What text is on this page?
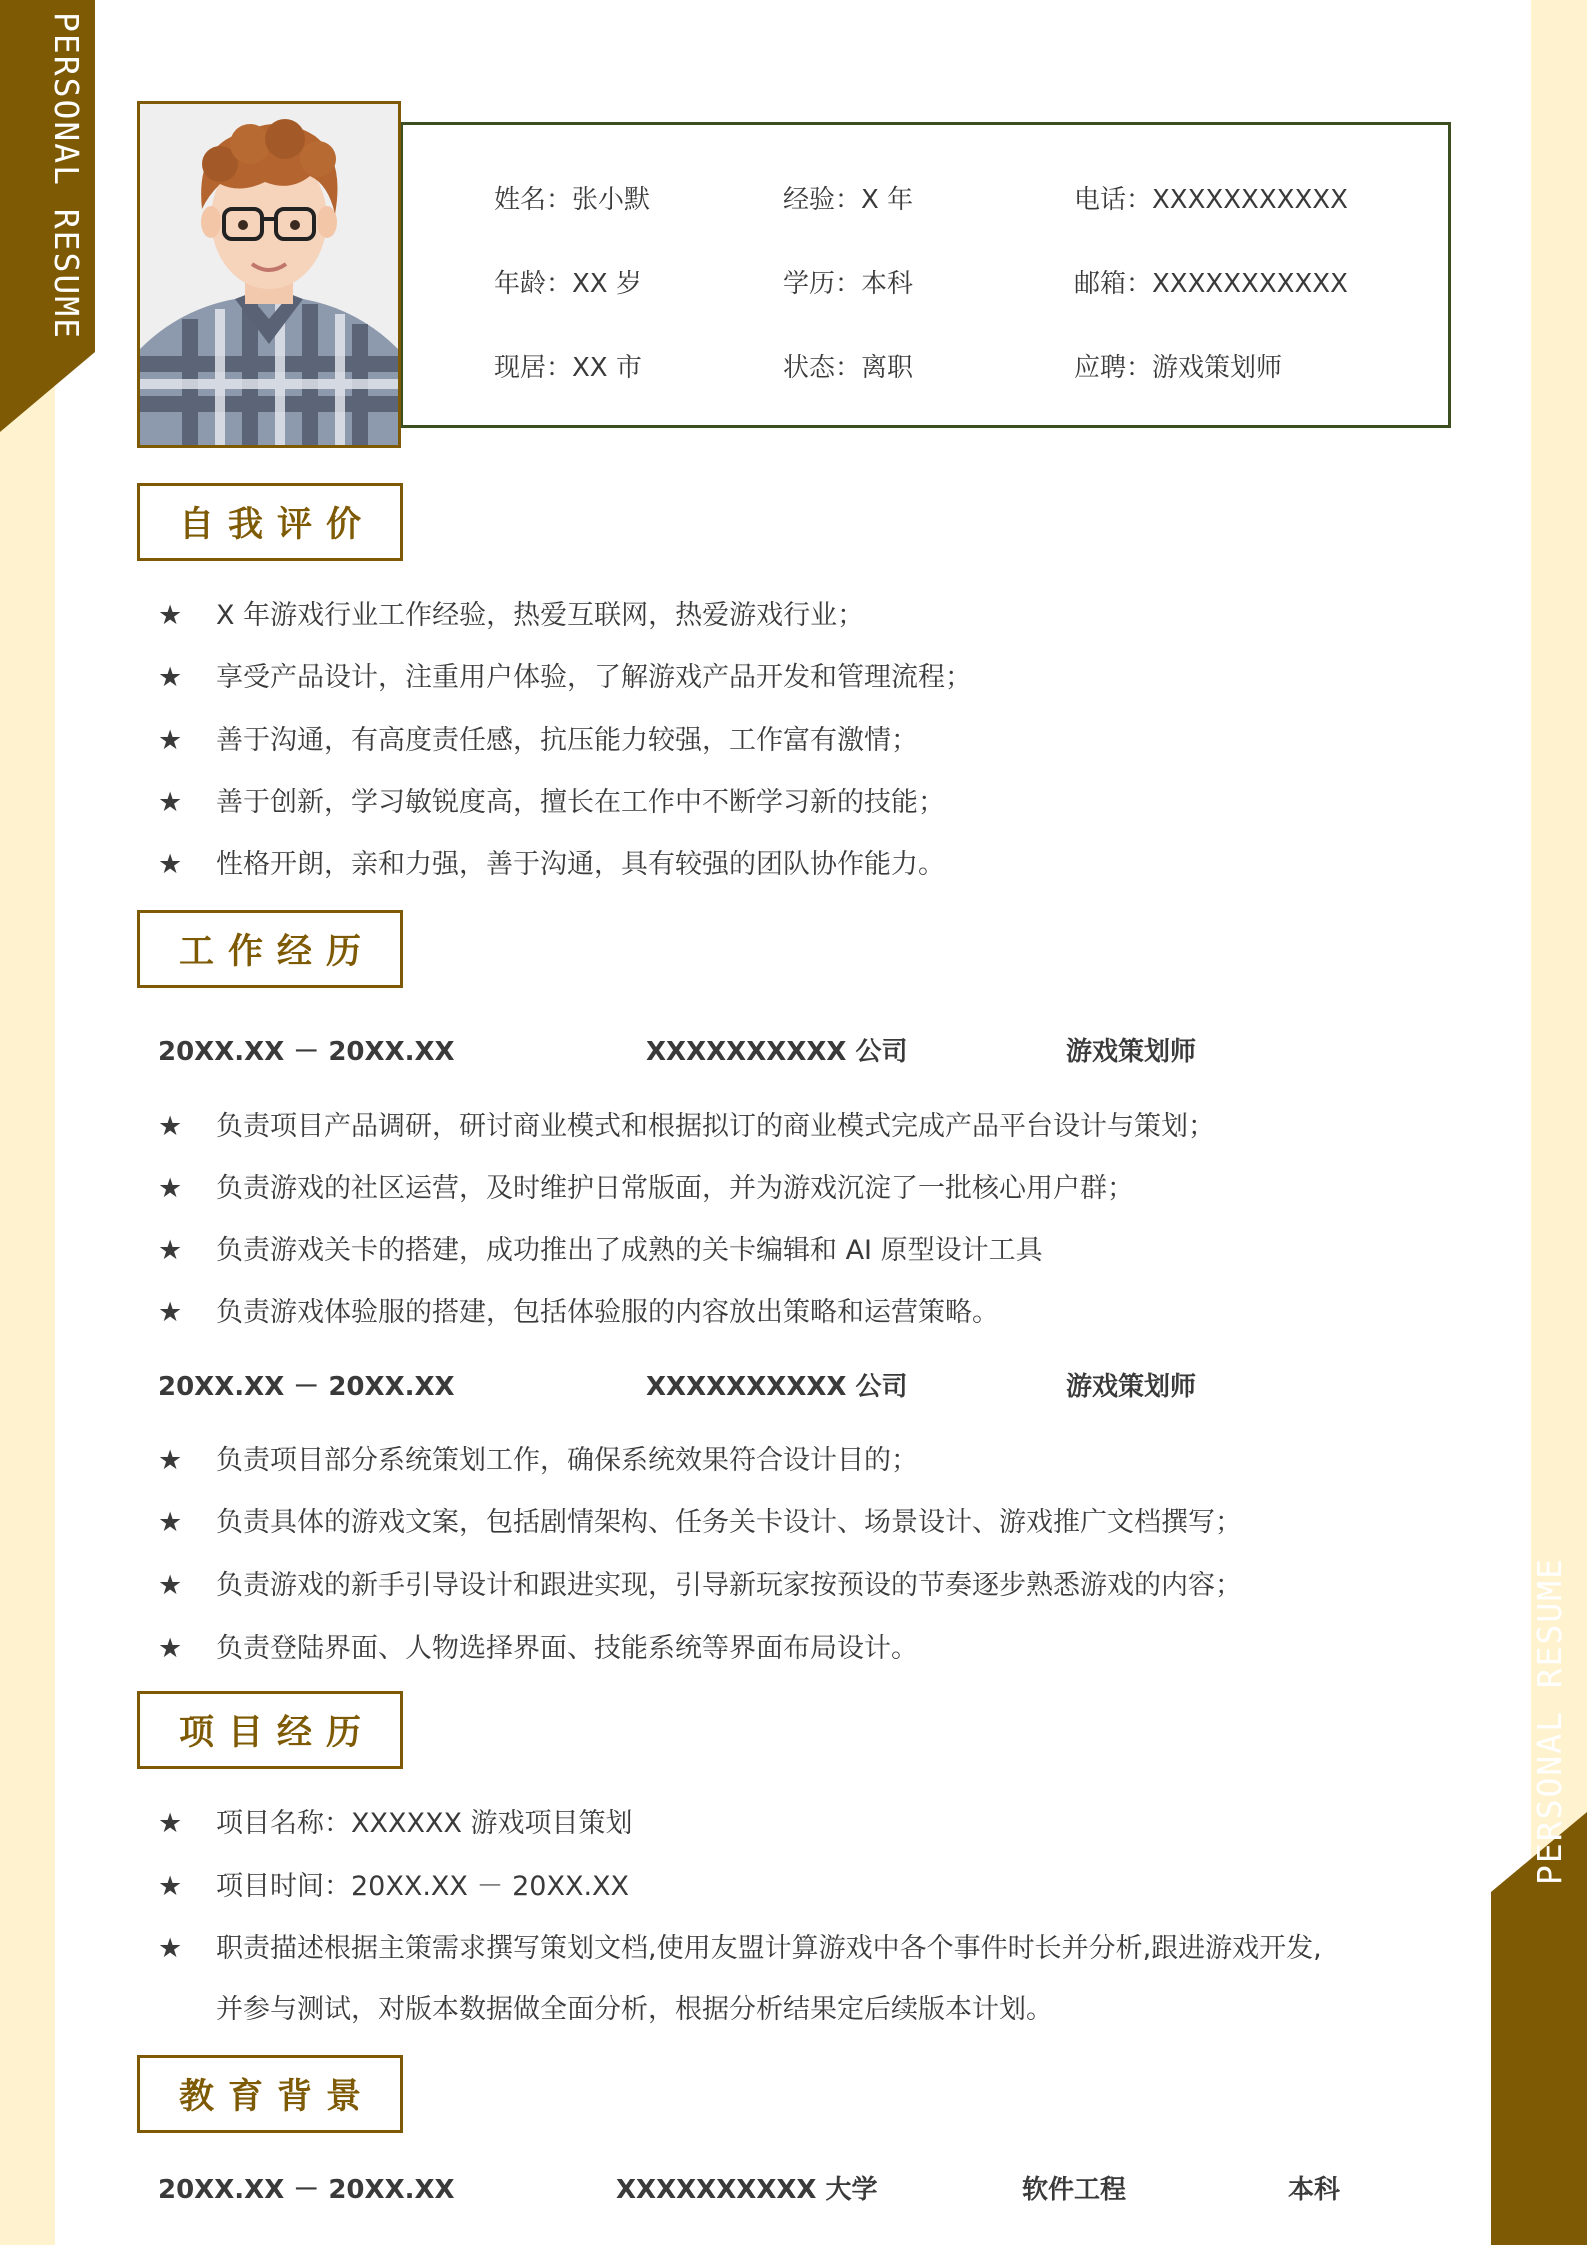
PERSONAL RESUME
PERSONAL RESUME
姓名：张小默	经验：X 年	电话：XXXXXXXXXXX
年龄：XX 岁	学历：本科	邮箱：XXXXXXXXXXX
现居：XX 市	状态：离职	应聘：游戏策划师
自我评价
★ X 年游戏行业工作经验，热爱互联网，热爱游戏行业；
★ 享受产品设计，注重用户体验，了解游戏产品开发和管理流程；
★ 善于沟通，有高度责任感，抗压能力较强，工作富有激情；
★ 善于创新，学习敏锐度高，擅长在工作中不断学习新的技能；
★ 性格开朗，亲和力强，善于沟通，具有较强的团队协作能力。
工作经历
20XX.XX － 20XX.XX	XXXXXXXXXX 公司	游戏策划师
★ 负责项目产品调研，研讨商业模式和根据拟订的商业模式完成产品平台设计与策划；
★ 负责游戏的社区运营，及时维护日常版面，并为游戏沉淀了一批核心用户群；
★ 负责游戏关卡的搭建，成功推出了成熟的关卡编辑和 AI 原型设计工具
★ 负责游戏体验服的搭建，包括体验服的内容放出策略和运营策略。
20XX.XX － 20XX.XX	XXXXXXXXXX 公司	游戏策划师
★ 负责项目部分系统策划工作，确保系统效果符合设计目的；
★ 负责具体的游戏文案，包括剧情架构、任务关卡设计、场景设计、游戏推广文档撰写；
★ 负责游戏的新手引导设计和跟进实现，引导新玩家按预设的节奏逐步熟悉游戏的内容；
★ 负责登陆界面、人物选择界面、技能系统等界面布局设计。
项目经历
★ 项目名称：XXXXXX 游戏项目策划
★ 项目时间：20XX.XX － 20XX.XX
★ 职责描述根据主策需求撰写策划文档,使用友盟计算游戏中各个事件时长并分析,跟进游戏开发,
并参与测试，对版本数据做全面分析，根据分析结果定后续版本计划。
教育背景
20XX.XX － 20XX.XX	XXXXXXXXXX 大学	软件工程	本科
